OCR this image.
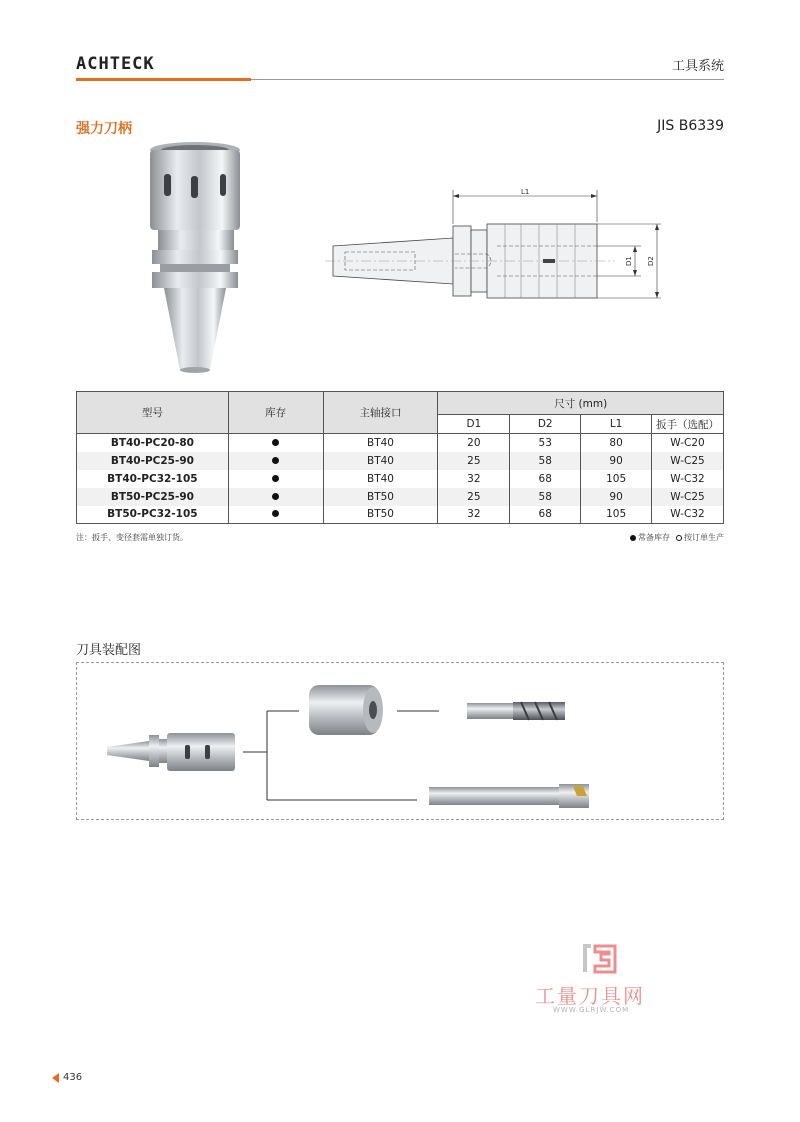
ACHTECK	工具系统
强力刀柄	JIS B6339
L1
D1 D2
型号	库存	主轴接口	尺寸 (mm)			
			D1	D2	L1	扳手（选配）
BT40-PC20-80		BT40	20	53	80	W-C20
BT40-PC25-90		BT40	25	58	90	W-C25
BT40-PC32-105		BT40	32	68	105	W-C32
BT50-PC25-90		BT50	25	58	90	W-C25
BT50-PC32-105		BT50	32	68	105	W-C32
注：扳手、变径套需单独订货。	常备库存 按订单生产
刀具装配图
工量刀具网
WWW.GLRJW.COM
436
